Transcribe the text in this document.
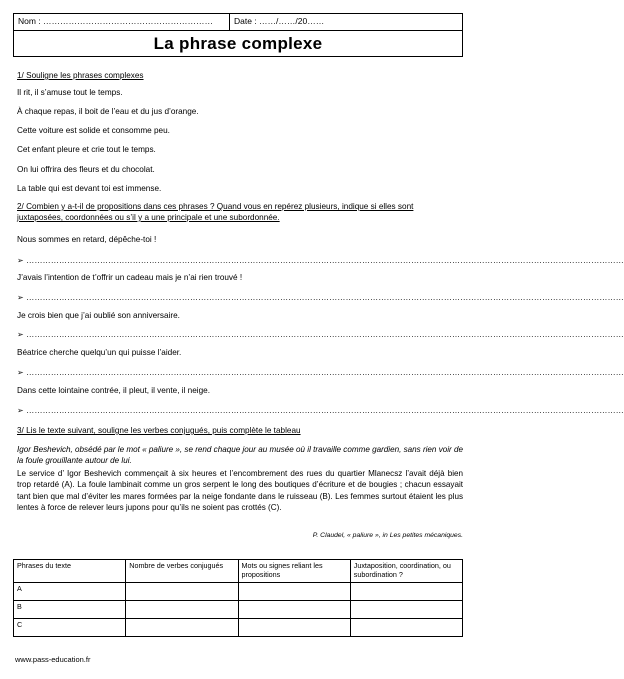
Nom : …………………………………………………… Date : ……/……/20……
La phrase complexe
1/ Souligne les phrases complexes
Il rit, il s’amuse tout le temps.
À chaque repas, il boit de l’eau et du jus d’orange.
Cette voiture est solide et consomme peu.
Cet enfant pleure et crie tout le temps.
On lui offrira des fleurs et du chocolat.
La table qui est devant toi est immense.
2/ Combien y a-t-il de propositions dans ces phrases ? Quand vous en repérez plusieurs, indique si elles sont
juxtaposées, coordonnées ou s’il y a une principale et une subordonnée.
Nous sommes en retard, dépêche-toi !
➢ …………………………………………………………………………………………………………………………………………………………………………………………………
J’avais l’intention de t’offrir un cadeau mais je n’ai rien trouvé !
➢ …………………………………………………………………………………………………………………………………………………………………………………………………
Je crois bien que j’ai oublié son anniversaire.
➢ …………………………………………………………………………………………………………………………………………………………………………………………………
Béatrice cherche quelqu’un qui puisse l’aider.
➢ …………………………………………………………………………………………………………………………………………………………………………………………………
Dans cette lointaine contrée, il pleut, il vente, il neige.
➢ …………………………………………………………………………………………………………………………………………………………………………………………………
3/ Lis le texte suivant, souligne les verbes conjugués, puis complète le tableau
Igor Beshevich, obsédé par le mot « paliure », se rend chaque jour au musée où il travaille comme gardien, sans rien voir de la foule grouillante autour de lui.
Le service d’ Igor Beshevich commençait à six heures et l’encombrement des rues du quartier Mlanecsz l’avait déjà bien trop retardé (A). La foule lambinait comme un gros serpent le long des boutiques d’écriture et de bougies ; chacun essayait tant bien que mal d’éviter les mares formées par la neige fondante dans le ruisseau (B). Les femmes surtout étaient les plus lentes à force de relever leurs jupons pour qu’ils ne soient pas crottés (C).
P. Claudel, « paliure », in Les petites mécaniques.
Phrases du texte	Nombre de verbes conjugués	Mots ou signes reliant les propositions	Juxtaposition, coordination, ou subordination ?
A			
B			
C			
www.pass-education.fr
